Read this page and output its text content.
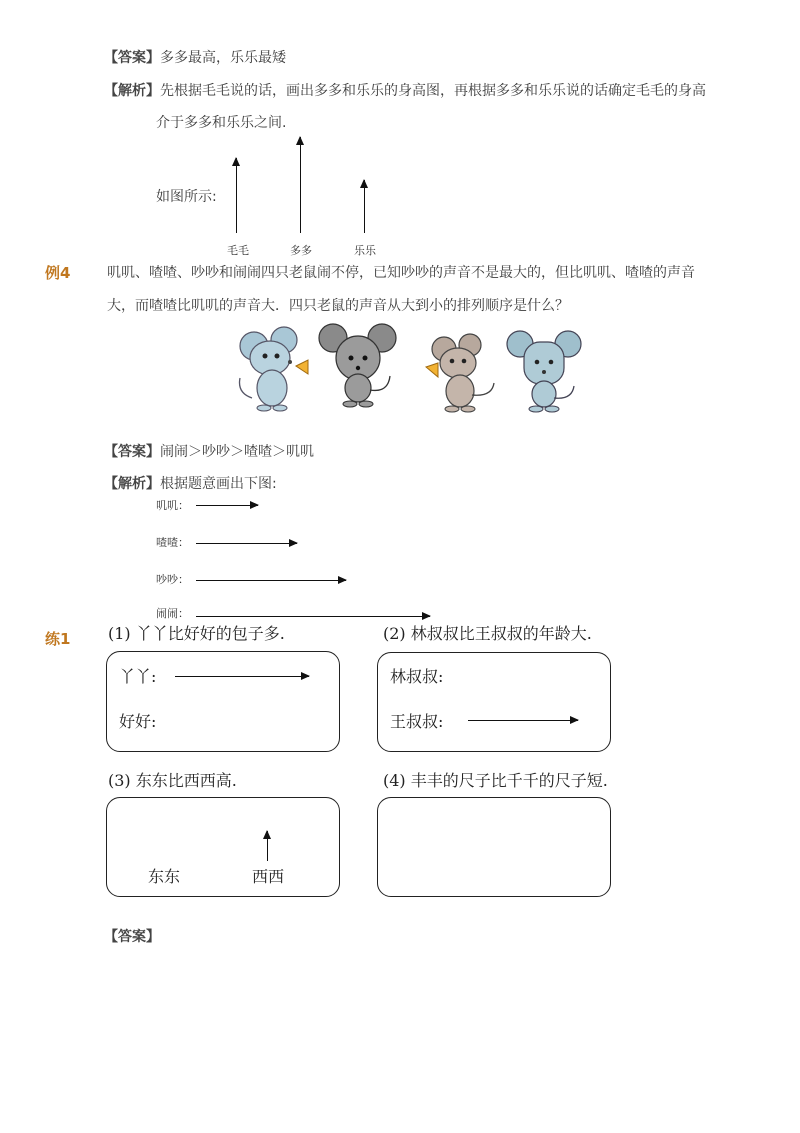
【答案】多多最高，乐乐最矮
【解析】先根据毛毛说的话，画出多多和乐乐的身高图，再根据多多和乐乐说的话确定毛毛的身高
介于多多和乐乐之间.
如图所示:
毛毛	多多	乐乐
例4	叽叽、喳喳、吵吵和闹闹四只老鼠闹不停，已知吵吵的声音不是最大的，但比叽叽、喳喳的声音
大，而喳喳比叽叽的声音大．四只老鼠的声音从大到小的排列顺序是什么？
【答案】闹闹＞吵吵＞喳喳＞叽叽
【解析】根据题意画出下图:
叽叽：
喳喳：
吵吵：
闹闹：
练1 (1) 丫丫比好好的包子多.	(2) 林叔叔比王叔叔的年龄大.
丫丫:
好好:
林叔叔:
王叔叔:
(3) 东东比西西高.	(4) 丰丰的尺子比千千的尺子短.
东东	西西
【答案】
